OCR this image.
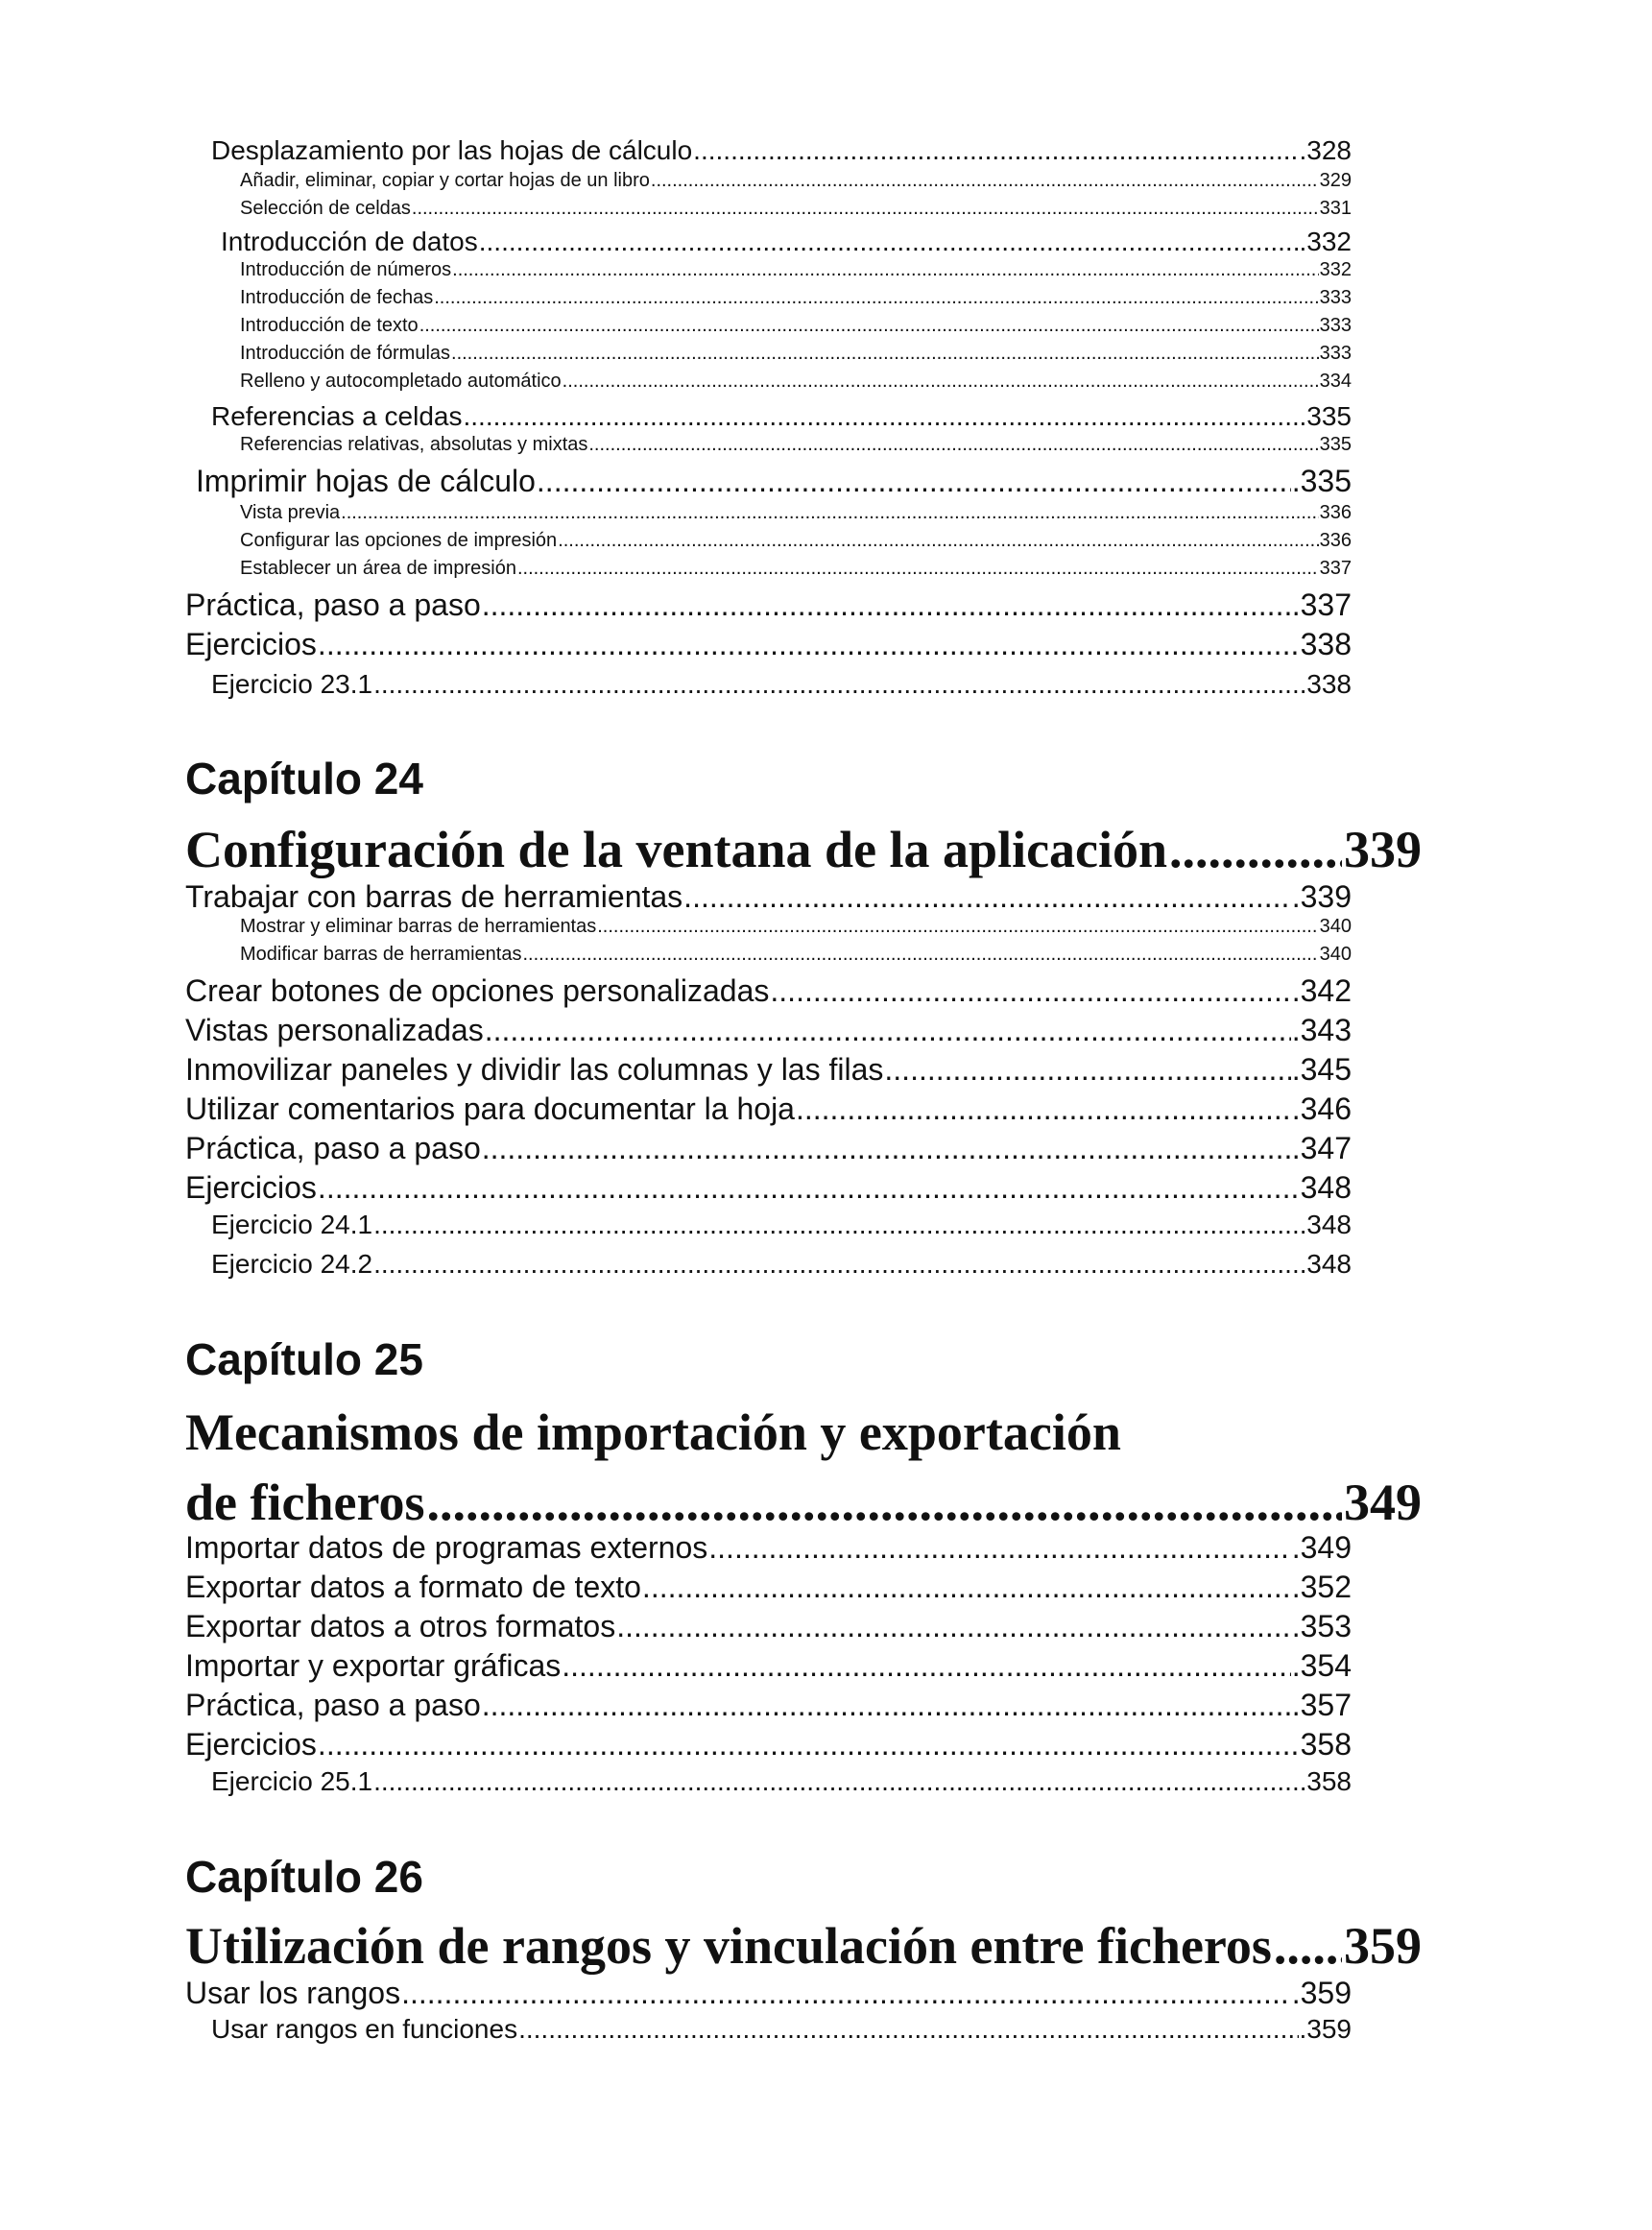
Desplazamiento por las hojas de cálculo .....	.328
Añadir, eliminar, copiar y cortar hojas de un libro .....	329
Selección de celdas .....	331
Introducción de datos .....	.332
Introducción de números .....	332
Introducción de fechas .....	333
Introducción de texto .....	333
Introducción de fórmulas .....	333
Relleno y autocompletado automático .....	334
Referencias a celdas .....	.335
Referencias relativas, absolutas y mixtas .....	335
Imprimir hojas de cálculo .....	.335
Vista previa .....	336
Configurar las opciones de impresión .....	336
Establecer un área de impresión .....	337
Práctica, paso a paso .....	.337
Ejercicios .....	338
Ejercicio 23.1 .....	338
Capítulo 24
Configuración de la ventana de la aplicación .....	339
Trabajar con barras de herramientas .....	.339
Mostrar y eliminar barras de herramientas .....	340
Modificar barras de herramientas .....	340
Crear botones de opciones personalizadas .....	.342
Vistas personalizadas .....	.343
Inmovilizar paneles y dividir las columnas y las filas .....	.345
Utilizar comentarios para documentar la hoja .....	.346
Práctica, paso a paso .....	.347
Ejercicios .....	348
Ejercicio 24.1 .....	348
Ejercicio 24.2 .....	348
Capítulo 25
Mecanismos de importación y exportación
de ficheros .....	349
Importar datos de programas externos .....	.349
Exportar datos a formato de texto .....	.352
Exportar datos a otros formatos .....	.353
Importar y exportar gráficas .....	.354
Práctica, paso a paso .....	.357
Ejercicios .....	358
Ejercicio 25.1 .....	358
Capítulo 26
Utilización de rangos y vinculación entre ficheros ..... 359
Usar los rangos .....	.359
Usar rangos en funciones .....	.359
